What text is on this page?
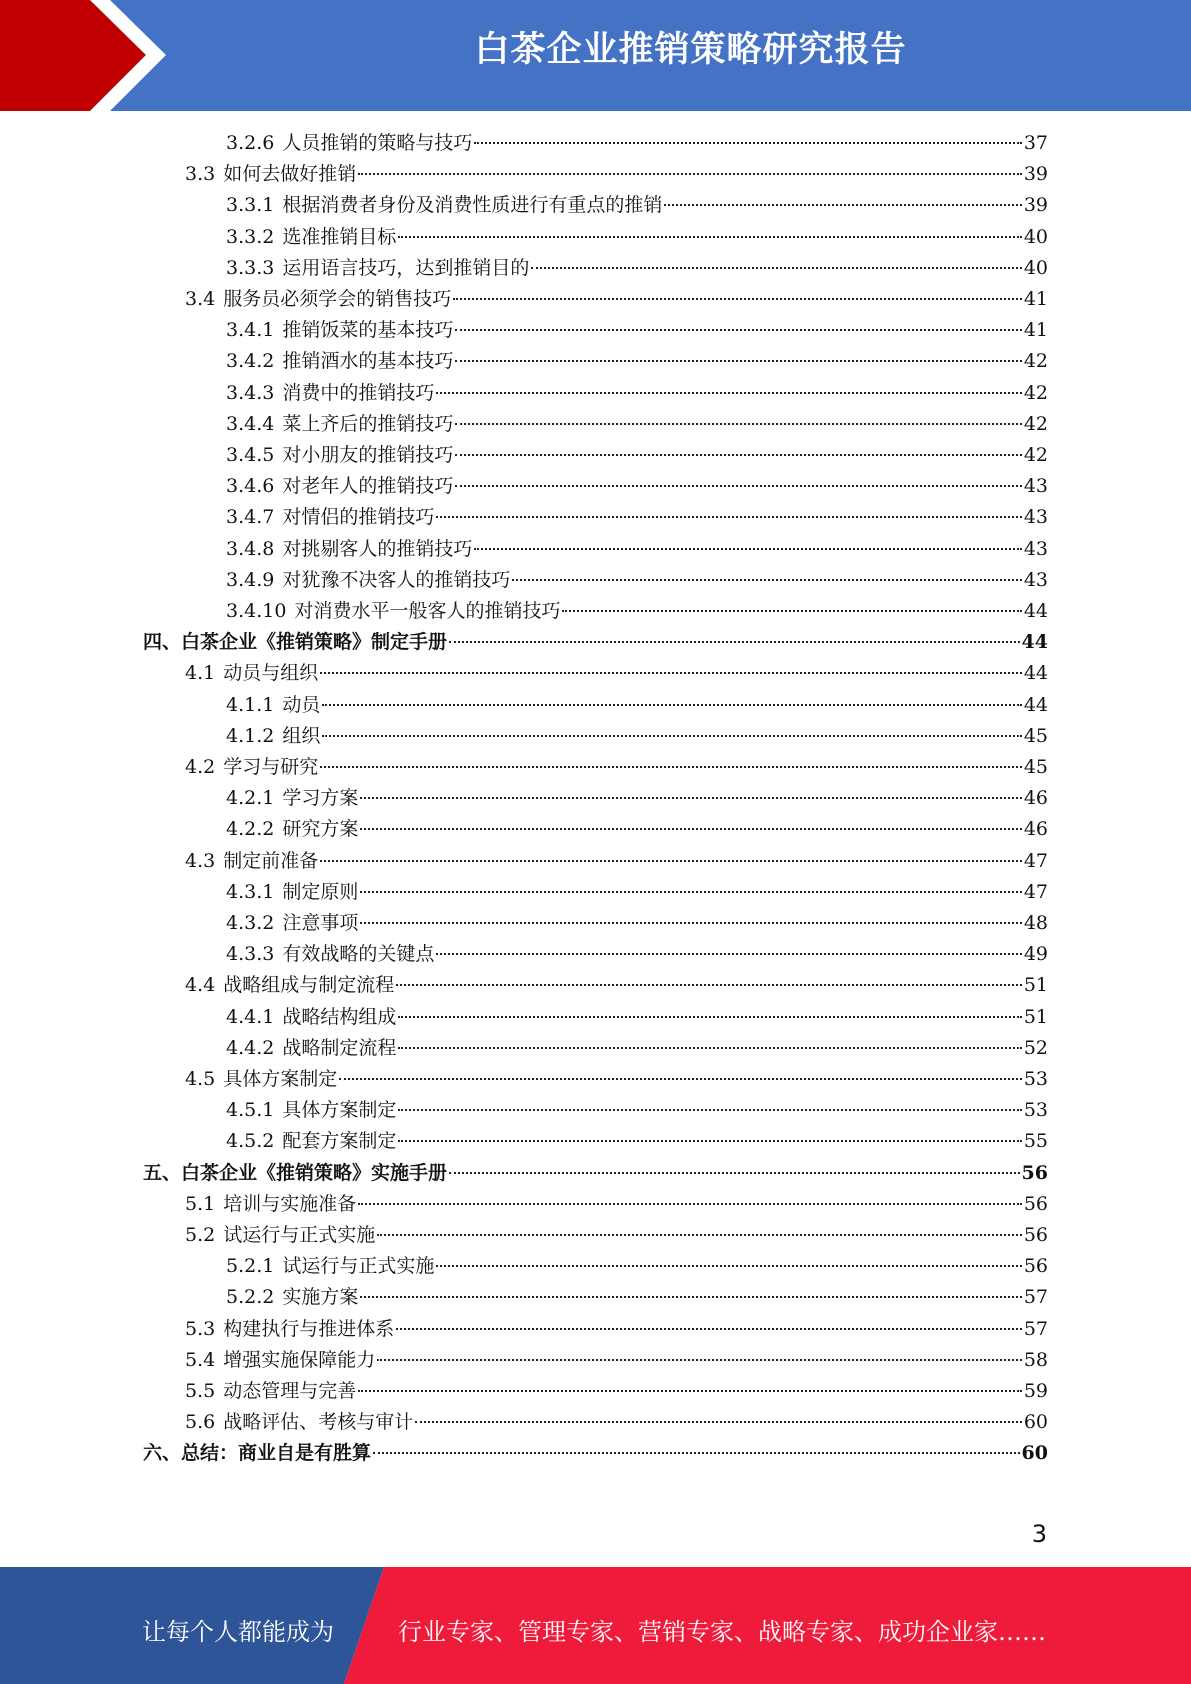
白茶企业推销策略研究报告
3.2.6 人员推销的策略与技巧	37
3.3 如何去做好推销	39
3.3.1 根据消费者身份及消费性质进行有重点的推销	39
3.3.2 选准推销目标	40
3.3.3 运用语言技巧，达到推销目的	40
3.4 服务员必须学会的销售技巧	41
3.4.1 推销饭菜的基本技巧	41
3.4.2 推销酒水的基本技巧	42
3.4.3 消费中的推销技巧	42
3.4.4 菜上齐后的推销技巧	42
3.4.5 对小朋友的推销技巧	42
3.4.6 对老年人的推销技巧	43
3.4.7 对情侣的推销技巧	43
3.4.8 对挑剔客人的推销技巧	43
3.4.9 对犹豫不决客人的推销技巧	43
3.4.10 对消费水平一般客人的推销技巧	44
四、 白茶企业《推销策略》制定手册	44
4.1 动员与组织	44
4.1.1 动员	44
4.1.2 组织	45
4.2 学习与研究	45
4.2.1 学习方案	46
4.2.2 研究方案	46
4.3 制定前准备	47
4.3.1 制定原则	47
4.3.2 注意事项	48
4.3.3 有效战略的关键点	49
4.4 战略组成与制定流程	51
4.4.1 战略结构组成	51
4.4.2 战略制定流程	52
4.5 具体方案制定	53
4.5.1 具体方案制定	53
4.5.2 配套方案制定	55
五、 白茶企业《推销策略》实施手册	56
5.1 培训与实施准备	56
5.2 试运行与正式实施	56
5.2.1 试运行与正式实施	56
5.2.2 实施方案	57
5.3 构建执行与推进体系	57
5.4 增强实施保障能力	58
5.5 动态管理与完善	59
5.6 战略评估、考核与审计	60
六、 总结：商业自是有胜算	60
3
让每个人都能成为	行业专家、管理专家、营销专家、战略专家、成功企业家……
